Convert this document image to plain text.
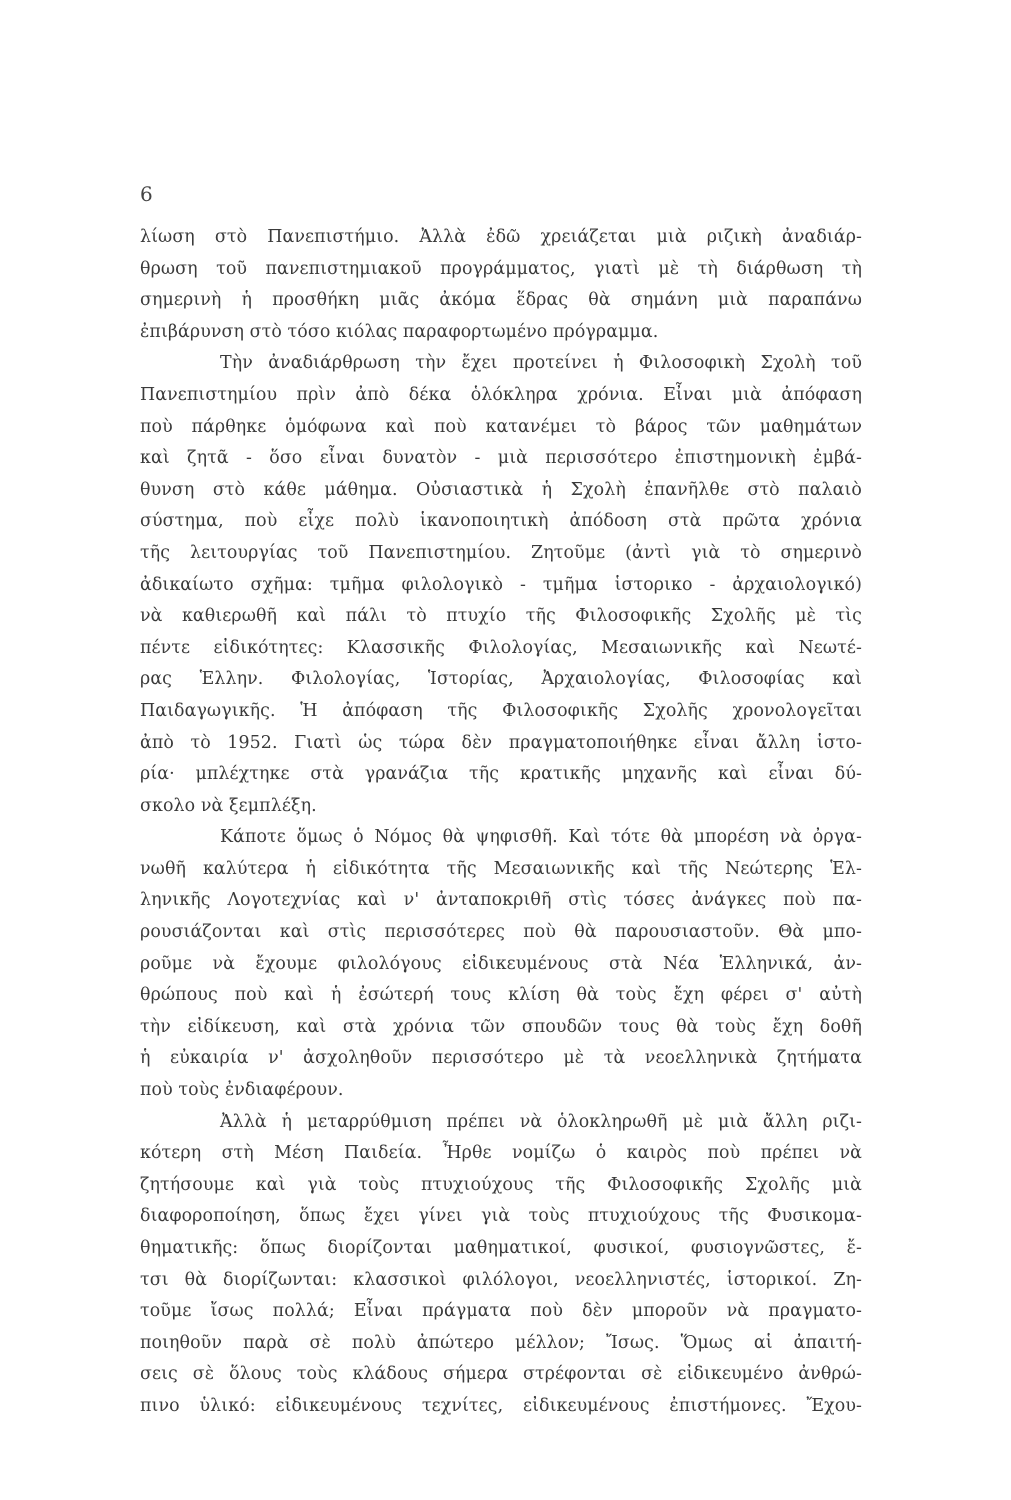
6
λίωση στὸ Πανεπιστήμιο. Ἀλλὰ ἐδῶ χρειάζεται μιὰ ριζικὴ ἀναδιάρ-
θρωση τοῦ πανεπιστημιακοῦ προγράμματος, γιατὶ μὲ τὴ διάρθωση τὴ
σημερινὴ ἡ προσθήκη μιᾶς ἀκόμα ἕδρας θὰ σημάνη μιὰ παραπάνω
ἐπιβάρυνση στὸ τόσο κιόλας παραφορτωμένο πρόγραμμα.
Τὴν ἀναδιάρθρωση τὴν ἔχει προτείνει ἡ Φιλοσοφικὴ Σχολὴ τοῦ
Πανεπιστημίου πρὶν ἀπὸ δέκα ὁλόκληρα χρόνια. Εἶναι μιὰ ἀπόφαση
ποὺ πάρθηκε ὁμόφωνα καὶ ποὺ κατανέμει τὸ βάρος τῶν μαθημάτων
καὶ ζητᾶ - ὅσο εἶναι δυνατὸν - μιὰ περισσότερο ἐπιστημονικὴ ἐμβά-
θυνση στὸ κάθε μάθημα. Οὐσιαστικὰ ἡ Σχολὴ ἐπανῆλθε στὸ παλαιὸ
σύστημα, ποὺ εἶχε πολὺ ἱκανοποιητικὴ ἀπόδοση στὰ πρῶτα χρόνια
τῆς λειτουργίας τοῦ Πανεπιστημίου. Ζητοῦμε (ἀντὶ γιὰ τὸ σημερινὸ
ἀδικαίωτο σχῆμα: τμῆμα φιλολογικὸ - τμῆμα ἱστορικο - ἀρχαιολογικό)
νὰ καθιερωθῆ καὶ πάλι τὸ πτυχίο τῆς Φιλοσοφικῆς Σχολῆς μὲ τὶς
πέντε εἰδικότητες: Κλασσικῆς Φιλολογίας, Μεσαιωνικῆς καὶ Νεωτέ-
ρας Ἑλλην. Φιλολογίας, Ἱστορίας, Ἀρχαιολογίας, Φιλοσοφίας καὶ
Παιδαγωγικῆς. Ἡ ἀπόφαση τῆς Φιλοσοφικῆς Σχολῆς χρονολογεῖται
ἀπὸ τὸ 1952. Γιατὶ ὡς τώρα δὲν πραγματοποιήθηκε εἶναι ἄλλη ἱστο-
ρία· μπλέχτηκε στὰ γρανάζια τῆς κρατικῆς μηχανῆς καὶ εἶναι δύ-
σκολο νὰ ξεμπλέξη.
Κάποτε ὅμως ὁ Νόμος θὰ ψηφισθῆ. Καὶ τότε θὰ μπορέση νὰ ὀργα-
νωθῆ καλύτερα ἡ εἰδικότητα τῆς Μεσαιωνικῆς καὶ τῆς Νεώτερης Ἑλ-
ληνικῆς Λογοτεχνίας καὶ ν' ἀνταποκριθῆ στὶς τόσες ἀνάγκες ποὺ πα-
ρουσιάζονται καὶ στὶς περισσότερες ποὺ θὰ παρουσιαστοῦν. Θὰ μπο-
ροῦμε νὰ ἔχουμε φιλολόγους εἰδικευμένους στὰ Νέα Ἑλληνικά, ἀν-
θρώπους ποὺ καὶ ἡ ἐσώτερή τους κλίση θὰ τοὺς ἔχη φέρει σ' αὐτὴ
τὴν εἰδίκευση, καὶ στὰ χρόνια τῶν σπουδῶν τους θὰ τοὺς ἔχη δοθῆ
ἡ εὐκαιρία ν' ἀσχοληθοῦν περισσότερο μὲ τὰ νεοελληνικὰ ζητήματα
ποὺ τοὺς ἐνδιαφέρουν.
Ἀλλὰ ἡ μεταρρύθμιση πρέπει νὰ ὁλοκληρωθῆ μὲ μιὰ ἄλλη ριζι-
κότερη στὴ Μέση Παιδεία. Ἦρθε νομίζω ὁ καιρὸς ποὺ πρέπει νὰ
ζητήσουμε καὶ γιὰ τοὺς πτυχιούχους τῆς Φιλοσοφικῆς Σχολῆς μιὰ
διαφοροποίηση, ὅπως ἔχει γίνει γιὰ τοὺς πτυχιούχους τῆς Φυσικομα-
θηματικῆς: ὅπως διορίζονται μαθηματικοί, φυσικοί, φυσιογνῶστες, ἔ-
τσι θὰ διορίζωνται: κλασσικοὶ φιλόλογοι, νεοελληνιστές, ἱστορικοί. Ζη-
τοῦμε ἴσως πολλά; Εἶναι πράγματα ποὺ δὲν μποροῦν νὰ πραγματο-
ποιηθοῦν παρὰ σὲ πολὺ ἀπώτερο μέλλον; Ἴσως. Ὅμως αἱ ἀπαιτή-
σεις σὲ ὅλους τοὺς κλάδους σήμερα στρέφονται σὲ εἰδικευμένο ἀνθρώ-
πινο ὑλικό: εἰδικευμένους τεχνίτες, εἰδικευμένους ἐπιστήμονες. Ἔχου-
